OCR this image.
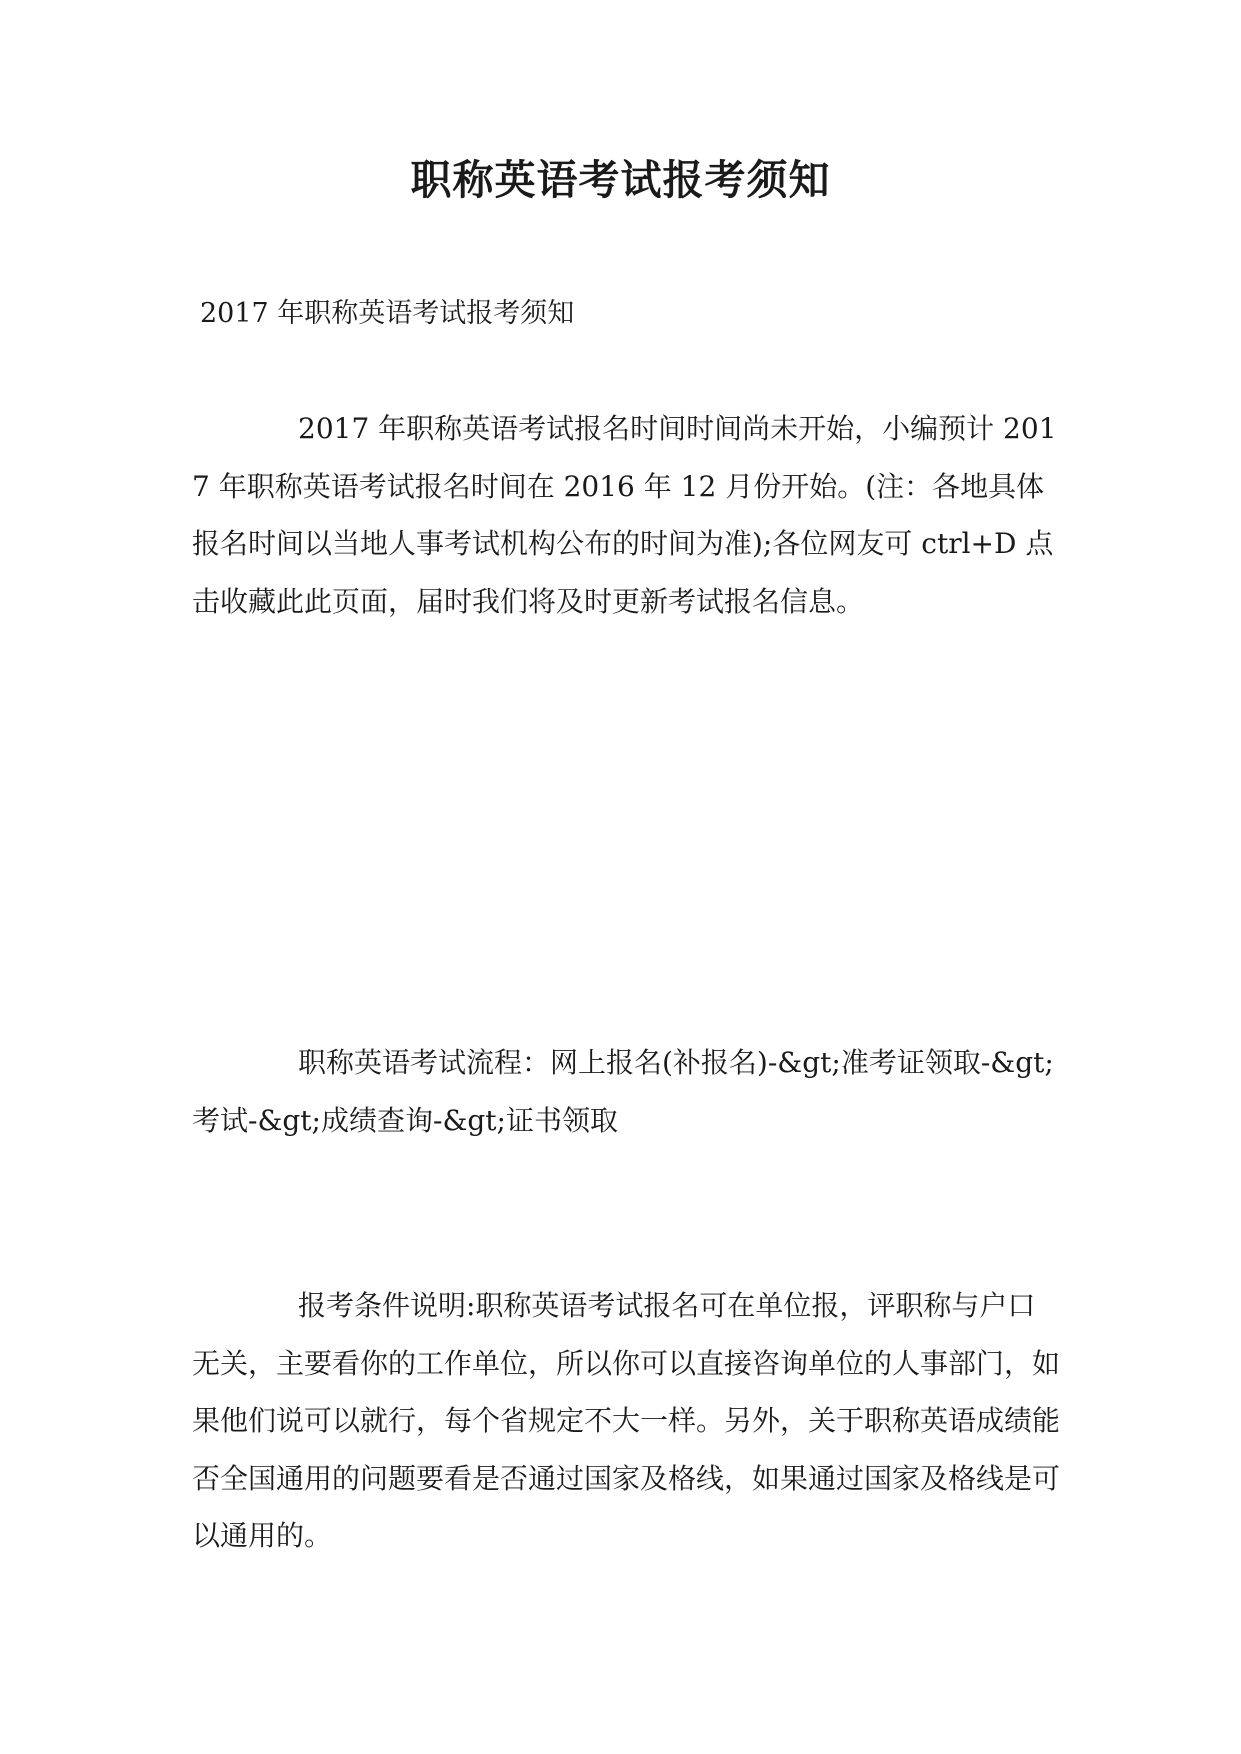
职称英语考试报考须知

2017 年职称英语考试报考须知

2017 年职称英语考试报名时间时间尚未开始，小编预计 2017 年职称英语考试报名时间在 2016 年 12 月份开始。(注：各地具体报名时间以当地人事考试机构公布的时间为准);各位网友可 ctrl+D 点击收藏此此页面，届时我们将及时更新考试报名信息。

职称英语考试流程：网上报名(补报名)-&gt;准考证领取-&gt;考试-&gt;成绩查询-&gt;证书领取

报考条件说明:职称英语考试报名可在单位报，评职称与户口无关，主要看你的工作单位，所以你可以直接咨询单位的人事部门，如果他们说可以就行，每个省规定不大一样。另外，关于职称英语成绩能否全国通用的问题要看是否通过国家及格线，如果通过国家及格线是可以通用的。
